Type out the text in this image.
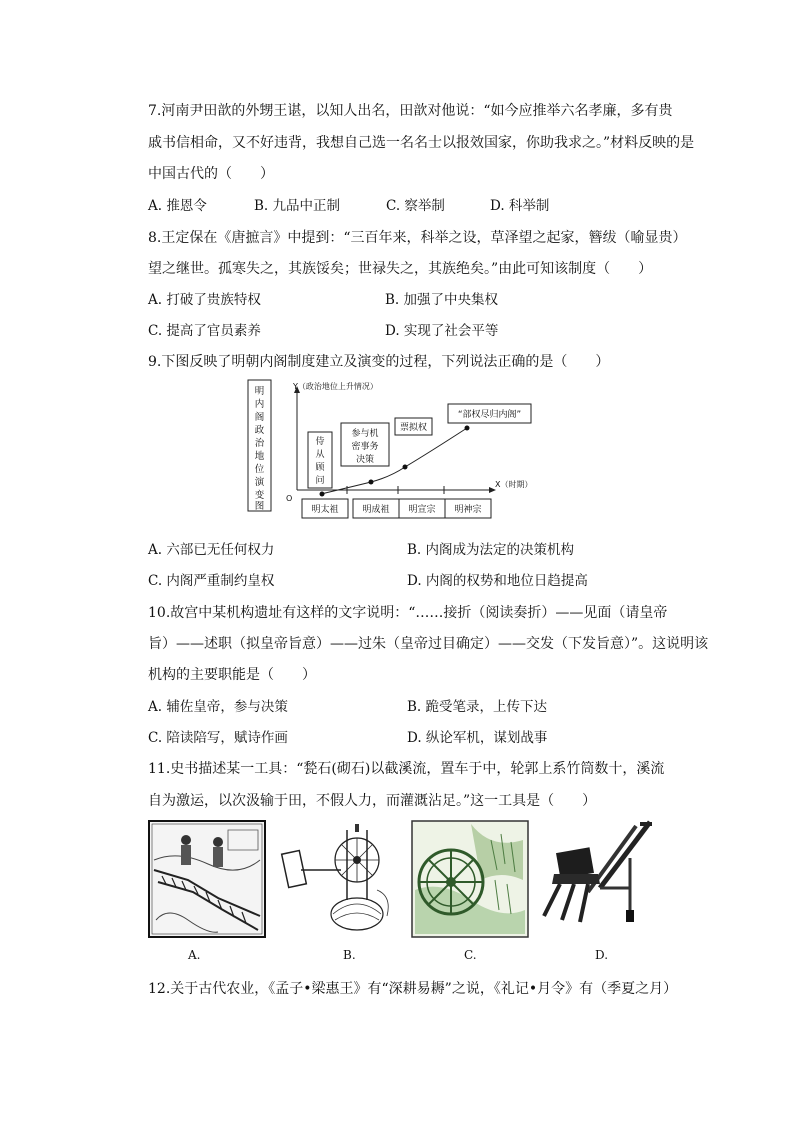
7.河南尹田歆的外甥王谌，以知人出名，田歆对他说：“如今应推举六名孝廉，多有贵
戚书信相命，又不好违背，我想自己选一名名士以报效国家，你助我求之。”材料反映的是
中国古代的（　　）
A. 推恩令	B. 九品中正制	C. 察举制	D. 科举制
8.王定保在《唐摭言》中提到：“三百年来，科举之设，草泽望之起家，簪绂（喻显贵）
望之继世。孤寒失之，其族馁矣；世禄失之，其族绝矣。”由此可知该制度（　　）
A. 打破了贵族特权	B. 加强了中央集权
C. 提高了官员素养	D. 实现了社会平等
9.下图反映了明朝内阁制度建立及演变的过程，下列说法正确的是（　　）
明
内
阁
政
治
地
位
演
变
图
Y（政治地位上升情况）
X（时期）
O
明太祖	明成祖 明宣宗 明神宗
侍
从
顾
问
参与机
密事务
决策
票拟权
“部权尽归内阁”
A. 六部已无任何权力	B. 内阁成为法定的决策机构
C. 内阁严重制约皇权	D. 内阁的权势和地位日趋提高
10.故宫中某机构遗址有这样的文字说明：“……接折（阅读奏折）——见面（请皇帝
旨）——述职（拟皇帝旨意）——过朱（皇帝过目确定）——交发（下发旨意）”。这说明该
机构的主要职能是（　　）
A. 辅佐皇帝，参与决策	B. 跪受笔录，上传下达
C. 陪读陪写，赋诗作画	D. 纵论军机，谋划战事
11.史书描述某一工具：“甃石(砌石)以截溪流，置车于中，轮郭上系竹筒数十，溪流
自为激运，以次汲输于田，不假人力，而灌溉沾足。”这一工具是（　　）
A.	B.	C.	D.
12.关于古代农业，《孟子•梁惠王》有“深耕易耨”之说，《礼记•月令》有（季夏之月）
